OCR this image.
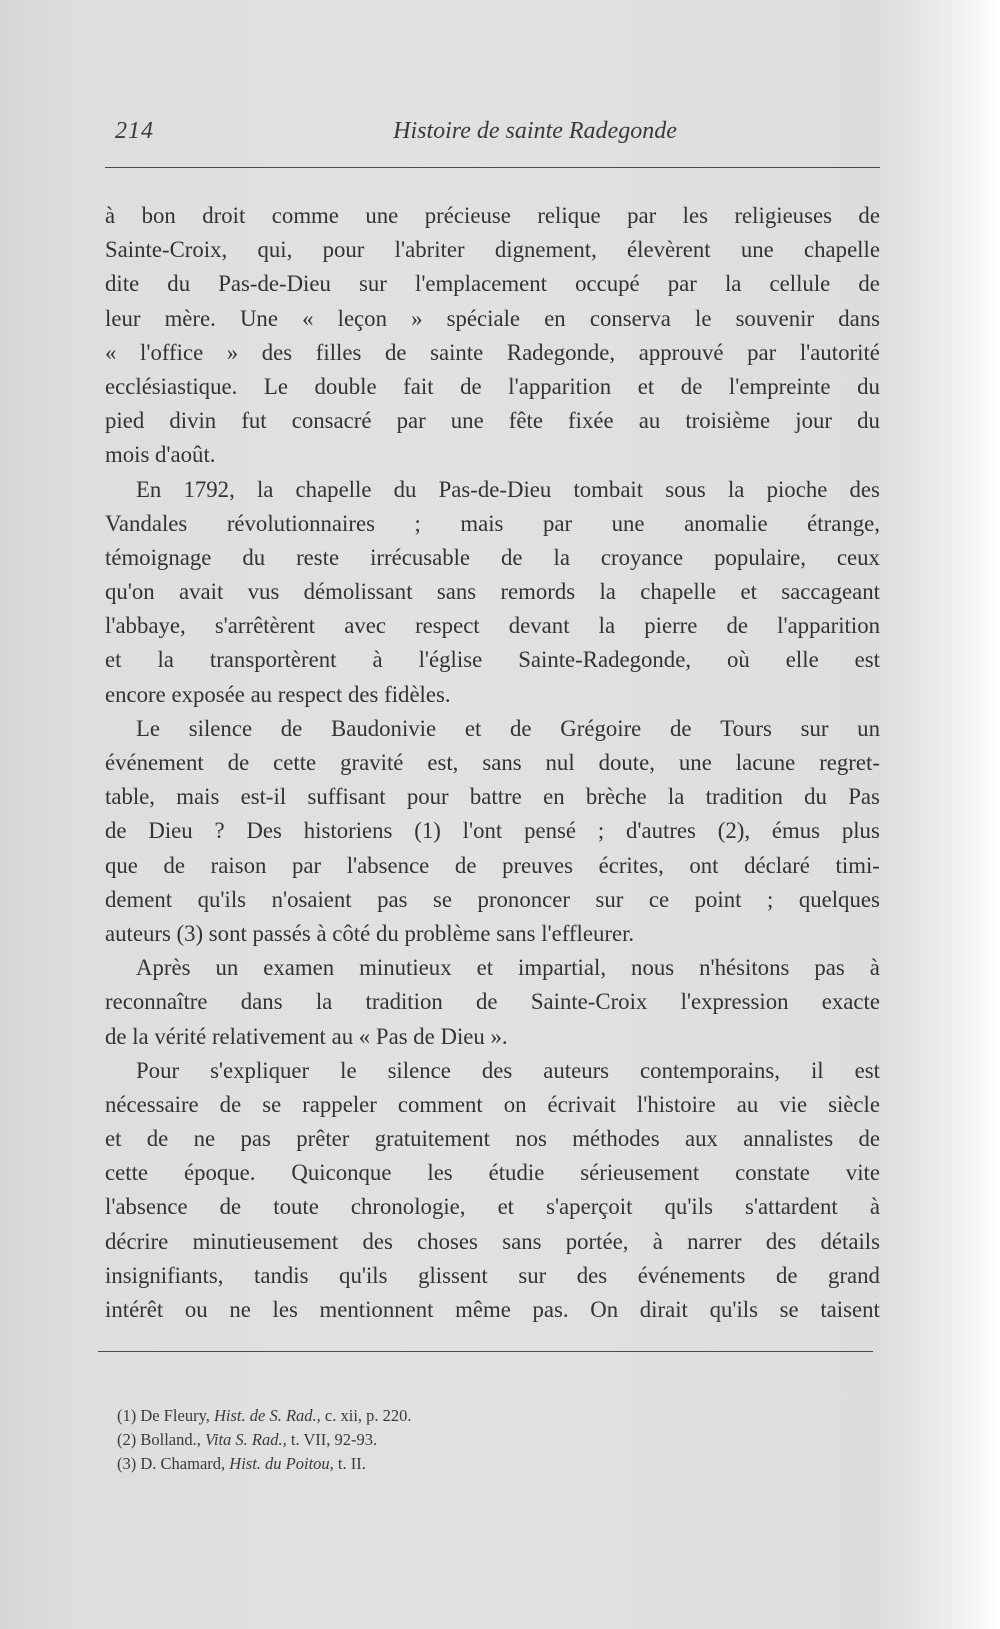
214	Histoire de sainte Radegonde
à bon droit comme une précieuse relique par les religieuses de
Sainte-Croix, qui, pour l'abriter dignement, élevèrent une chapelle
dite du Pas-de-Dieu sur l'emplacement occupé par la cellule de
leur mère. Une « leçon » spéciale en conserva le souvenir dans
« l'office » des filles de sainte Radegonde, approuvé par l'autorité
ecclésiastique. Le double fait de l'apparition et de l'empreinte du
pied divin fut consacré par une fête fixée au troisième jour du
mois d'août.
En 1792, la chapelle du Pas-de-Dieu tombait sous la pioche des
Vandales révolutionnaires ; mais par une anomalie étrange,
témoignage du reste irrécusable de la croyance populaire, ceux
qu'on avait vus démolissant sans remords la chapelle et saccageant
l'abbaye, s'arrêtèrent avec respect devant la pierre de l'apparition
et la transportèrent à l'église Sainte-Radegonde, où elle est
encore exposée au respect des fidèles.
Le silence de Baudonivie et de Grégoire de Tours sur un
événement de cette gravité est, sans nul doute, une lacune regret-
table, mais est-il suffisant pour battre en brèche la tradition du Pas
de Dieu ? Des historiens (1) l'ont pensé ; d'autres (2), émus plus
que de raison par l'absence de preuves écrites, ont déclaré timi-
dement qu'ils n'osaient pas se prononcer sur ce point ; quelques
auteurs (3) sont passés à côté du problème sans l'effleurer.
Après un examen minutieux et impartial, nous n'hésitons pas à
reconnaître dans la tradition de Sainte-Croix l'expression exacte
de la vérité relativement au « Pas de Dieu ».
Pour s'expliquer le silence des auteurs contemporains, il est
nécessaire de se rappeler comment on écrivait l'histoire au vie siècle
et de ne pas prêter gratuitement nos méthodes aux annalistes de
cette époque. Quiconque les étudie sérieusement constate vite
l'absence de toute chronologie, et s'aperçoit qu'ils s'attardent à
décrire minutieusement des choses sans portée, à narrer des détails
insignifiants, tandis qu'ils glissent sur des événements de grand
intérêt ou ne les mentionnent même pas. On dirait qu'ils se taisent
(1) De Fleury, Hist. de S. Rad., c. xii, p. 220.
(2) Bolland., Vita S. Rad., t. VII, 92-93.
(3) D. Chamard, Hist. du Poitou, t. II.
